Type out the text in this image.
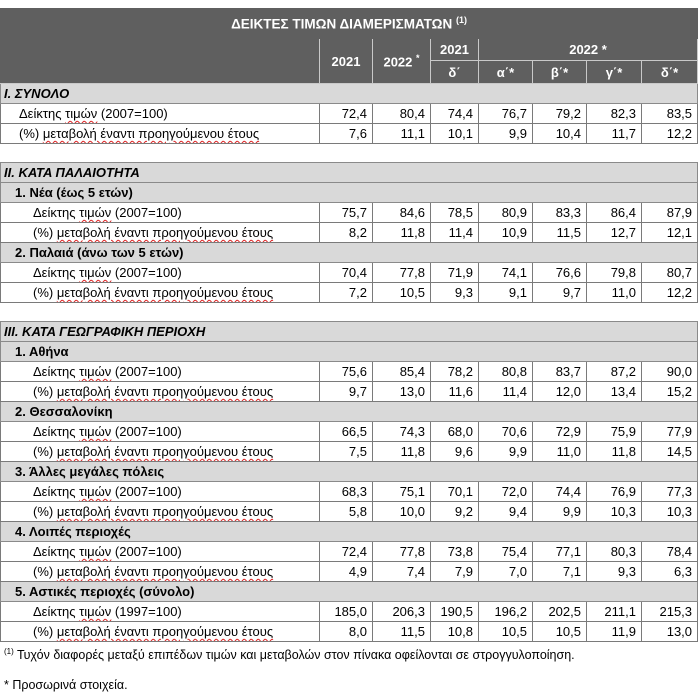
ΔΕΙΚΤΕΣ ΤΙΜΩΝ ΔΙΑΜΕΡΙΣΜΑΤΩΝ $^{(1)}$
	2021	2022 *	2021	2022 *			
			δ΄	α΄*	β΄*	γ΄*	δ΄*
I. ΣΥΝΟΛΟ							
Δείκτης τιμών (2007=100)	72,4	80,4	74,4	76,7	79,2	82,3	83,5
(%) μεταβολή έναντι προηγούμενου έτους	7,6	11,1	10,1	9,9	10,4	11,7	12,2

II. ΚΑΤΑ ΠΑΛΑΙΟΤΗΤΑ							
1. Νέα (έως 5 ετών)							
Δείκτης τιμών (2007=100)	75,7	84,6	78,5	80,9	83,3	86,4	87,9
(%) μεταβολή έναντι προηγούμενου έτους	8,2	11,8	11,4	10,9	11,5	12,7	12,1
2. Παλαιά (άνω των 5 ετών)							
Δείκτης τιμών (2007=100)	70,4	77,8	71,9	74,1	76,6	79,8	80,7
(%) μεταβολή έναντι προηγούμενου έτους	7,2	10,5	9,3	9,1	9,7	11,0	12,2

III. ΚΑΤΑ ΓΕΩΓΡΑΦΙΚΗ ΠΕΡΙΟΧΗ							
1. Αθήνα							
Δείκτης τιμών (2007=100)	75,6	85,4	78,2	80,8	83,7	87,2	90,0
(%) μεταβολή έναντι προηγούμενου έτους	9,7	13,0	11,6	11,4	12,0	13,4	15,2
2. Θεσσαλονίκη							
Δείκτης τιμών (2007=100)	66,5	74,3	68,0	70,6	72,9	75,9	77,9
(%) μεταβολή έναντι προηγούμενου έτους	7,5	11,8	9,6	9,9	11,0	11,8	14,5
3. Άλλες μεγάλες πόλεις							
Δείκτης τιμών (2007=100)	68,3	75,1	70,1	72,0	74,4	76,9	77,3
(%) μεταβολή έναντι προηγούμενου έτους	5,8	10,0	9,2	9,4	9,9	10,3	10,3
4. Λοιπές περιοχές							
Δείκτης τιμών (2007=100)	72,4	77,8	73,8	75,4	77,1	80,3	78,4
(%) μεταβολή έναντι προηγούμενου έτους	4,9	7,4	7,9	7,0	7,1	9,3	6,3
5. Αστικές περιοχές (σύνολο)							
Δείκτης τιμών (1997=100)	185,0	206,3	190,5	196,2	202,5	211,1	215,3
(%) μεταβολή έναντι προηγούμενου έτους	8,0	11,5	10,8	10,5	10,5	11,9	13,0
$^{(1)}$ Τυχόν διαφορές μεταξύ επιπέδων τιμών και μεταβολών στον πίνακα οφείλονται σε στρογγυλοποίηση.
* Προσωρινά στοιχεία.
